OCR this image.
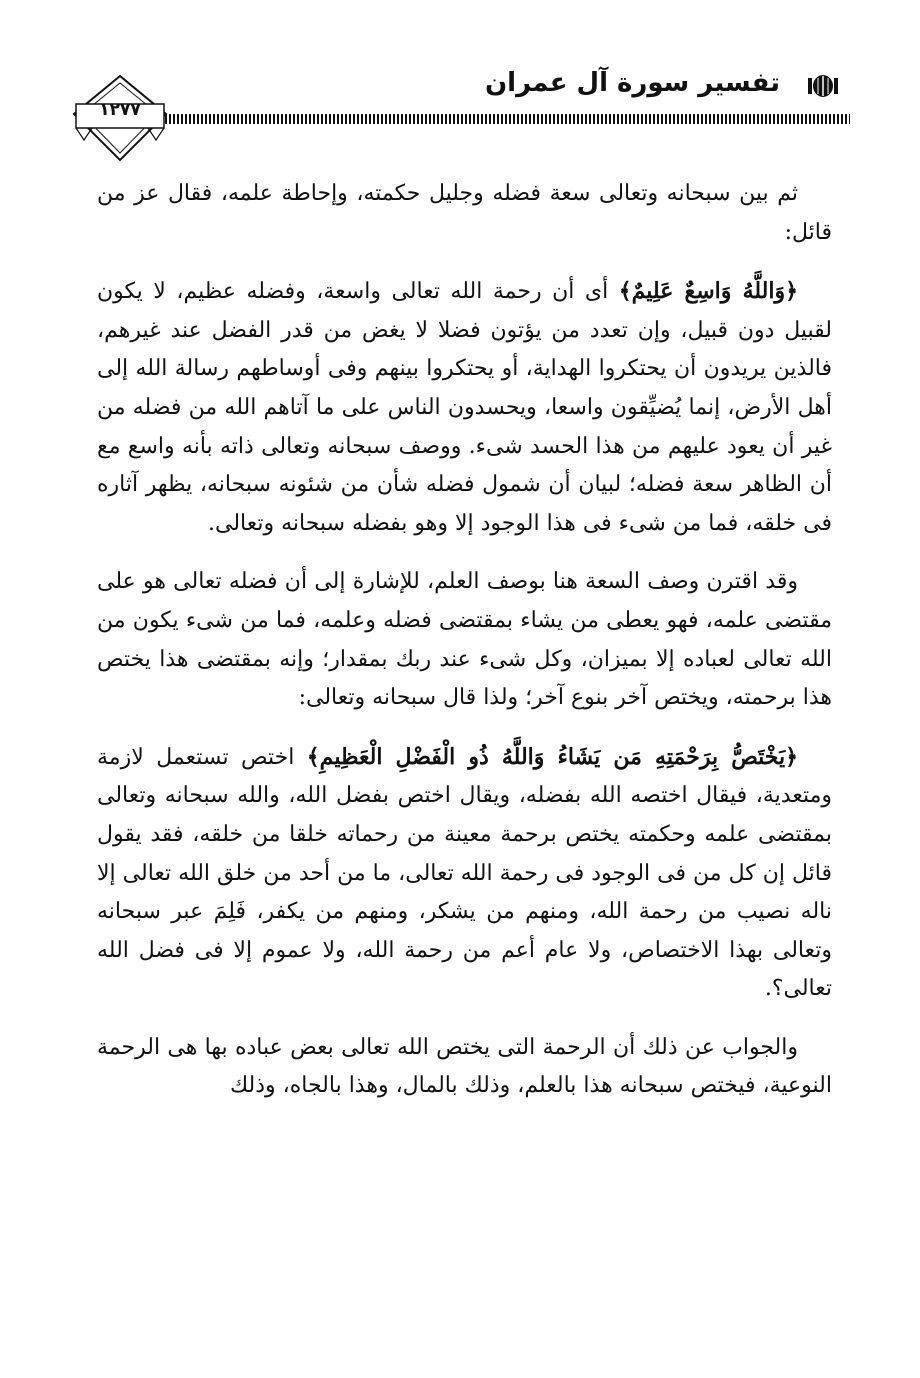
تفسير سورة آل عمران
١٢٧٧

ثم بين سبحانه وتعالى سعة فضله وجليل حكمته، وإحاطة علمه، فقال عز من قائل:

﴿وَاللَّهُ وَاسِعٌ عَلِيمٌ﴾ أى أن رحمة الله تعالى واسعة، وفضله عظيم، لا يكون لقبيل دون قبيل، وإن تعدد من يؤتون فضلا لا يغض من قدر الفضل عند غيرهم، فالذين يريدون أن يحتكروا الهداية، أو يحتكروا بينهم وفى أوساطهم رسالة الله إلى أهل الأرض، إنما يُضيِّقون واسعا، ويحسدون الناس على ما آتاهم الله من فضله من غير أن يعود عليهم من هذا الحسد شىء. ووصف سبحانه وتعالى ذاته بأنه واسع مع أن الظاهر سعة فضله؛ لبيان أن شمول فضله شأن من شئونه سبحانه، يظهر آثاره فى خلقه، فما من شىء فى هذا الوجود إلا وهو بفضله سبحانه وتعالى.

وقد اقترن وصف السعة هنا بوصف العلم، للإشارة إلى أن فضله تعالى هو على مقتضى علمه، فهو يعطى من يشاء بمقتضى فضله وعلمه، فما من شىء يكون من الله تعالى لعباده إلا بميزان، وكل شىء عند ربك بمقدار؛ وإنه بمقتضى هذا يختص هذا برحمته، ويختص آخر بنوع آخر؛ ولذا قال سبحانه وتعالى:

﴿يَخْتَصُّ بِرَحْمَتِهِ مَن يَشَاءُ وَاللَّهُ ذُو الْفَضْلِ الْعَظِيمِ﴾ اختص تستعمل لازمة ومتعدية، فيقال اختصه الله بفضله، ويقال اختص بفضل الله، والله سبحانه وتعالى بمقتضى علمه وحكمته يختص برحمة معينة من رحماته خلقا من خلقه، فقد يقول قائل إن كل من فى الوجود فى رحمة الله تعالى، ما من أحد من خلق الله تعالى إلا ناله نصيب من رحمة الله، ومنهم من يشكر، ومنهم من يكفر، فَلِمَ عبر سبحانه وتعالى بهذا الاختصاص، ولا عام أعم من رحمة الله، ولا عموم إلا فى فضل الله تعالى؟.

والجواب عن ذلك أن الرحمة التى يختص الله تعالى بعض عباده بها هى الرحمة النوعية، فيختص سبحانه هذا بالعلم، وذلك بالمال، وهذا بالجاه، وذلك
